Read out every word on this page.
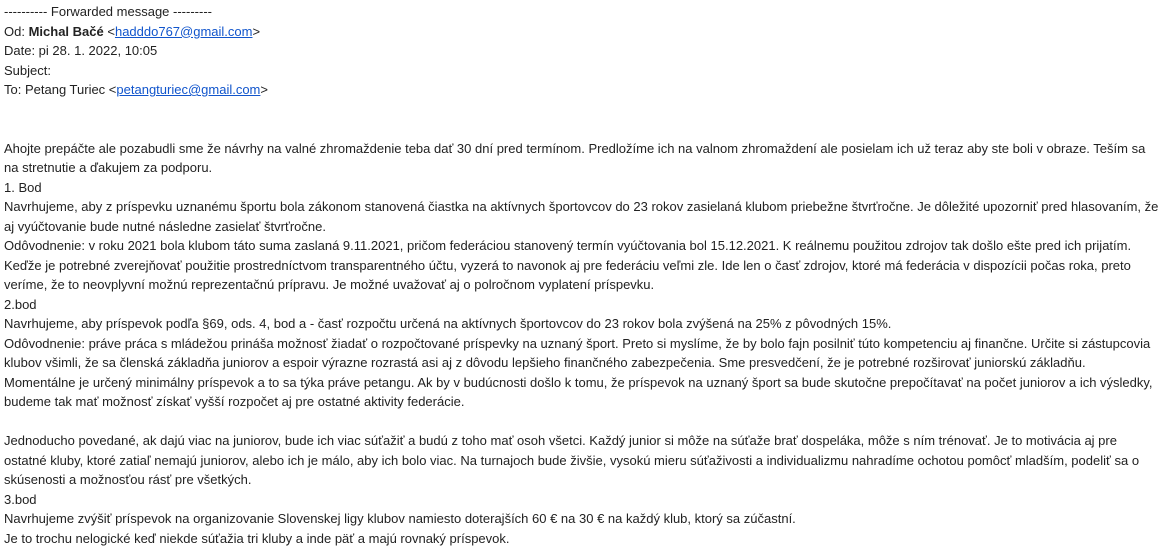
---------- Forwarded message ---------
Od: Michal Bačé <hadddo767@gmail.com>
Date: pi 28. 1. 2022, 10:05
Subject:
To: Petang Turiec <petangturiec@gmail.com>
Ahojte prepáčte ale pozabudli sme že návrhy na valné zhromaždenie teba dať 30 dní pred termínom. Predložíme ich na valnom zhromaždení ale posielam ich už teraz aby ste boli v obraze. Teším sa na stretnutie a ďakujem za podporu.
1. Bod
Navrhujeme, aby z príspevku uznanému športu bola zákonom stanovená čiastka na aktívnych športovcov do 23 rokov zasielaná klubom priebežne štvrťročne. Je dôležité upozorniť pred hlasovaním, že aj vyúčtovanie bude nutné následne zasielať štvrťročne.
Odôvodnenie: v roku 2021 bola klubom táto suma zaslaná 9.11.2021, pričom federáciou stanovený termín vyúčtovania bol 15.12.2021. K reálnemu použitou zdrojov tak došlo ešte pred ich prijatím. Keďže je potrebné zverejňovať použitie prostredníctvom transparentného účtu, vyzerá to navonok aj pre federáciu veľmi zle. Ide len o časť zdrojov, ktoré má federácia v dispozícii počas roka, preto veríme, že to neovplyvní možnú reprezentačnú prípravu. Je možné uvažovať aj o polročnom vyplatení príspevku.
2.bod
Navrhujeme, aby príspevok podľa §69, ods. 4, bod a - časť rozpočtu určená na aktívnych športovcov do 23 rokov bola zvýšená na 25% z pôvodných 15%.
Odôvodnenie: práve práca s mládežou prináša možnosť žiadať o rozpočtované príspevky na uznaný šport. Preto si myslíme, že by bolo fajn posilniť túto kompetenciu aj finančne. Určite si zástupcovia klubov všimli, že sa členská základňa juniorov a espoir výrazne rozrastá asi aj z dôvodu lepšieho finančného zabezpečenia. Sme presvedčení, že je potrebné rozširovať juniorskú základňu. Momentálne je určený minimálny príspevok a to sa týka práve petangu. Ak by v budúcnosti došlo k tomu, že príspevok na uznaný šport sa bude skutočne prepočítavať na počet juniorov a ich výsledky, budeme tak mať možnosť získať vyšší rozpočet aj pre ostatné aktivity federácie.
Jednoducho povedané, ak dajú viac na juniorov, bude ich viac súťažiť a budú z toho mať osoh všetci. Každý junior si môže na súťaže brať dospeláka, môže s ním trénovať. Je to motivácia aj pre ostatné kluby, ktoré zatiaľ nemajú juniorov, alebo ich je málo, aby ich bolo viac. Na turnajoch bude živšie, vysokú mieru súťaživosti a individualizmu nahradíme ochotou pomôcť mladším, podeliť sa o skúsenosti a možnosťou rásť pre všetkých.
3.bod
Navrhujeme zvýšiť príspevok na organizovanie Slovenskej ligy klubov namiesto doterajších 60 € na 30 € na každý klub, ktorý sa zúčastní.
Je to trochu nelogické keď niekde súťažia tri kluby a inde päť a majú rovnaký príspevok.
